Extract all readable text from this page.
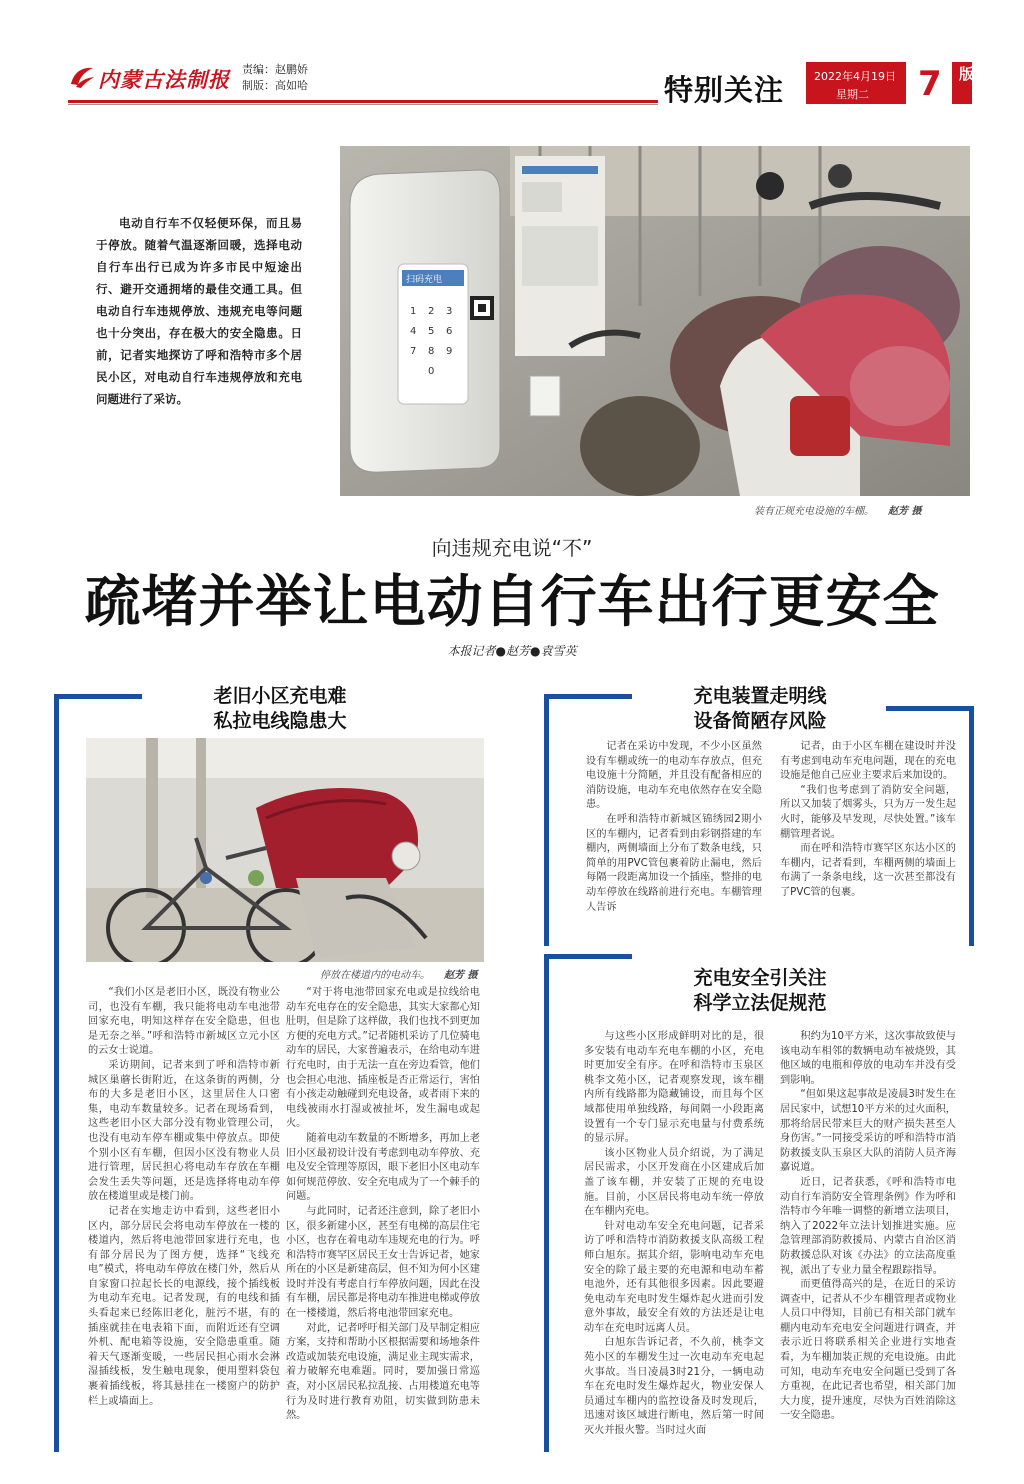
内蒙古法制报 责编：赵鹏娇
制版：高如哈	特别关注	2022年4月19日
星期二 7 版
电动自行车不仅轻便环保，而且易于停放。随着气温逐渐回暖，选择电动自行车出行已成为许多市民中短途出行、避开交通拥堵的最佳交通工具。但电动自行车违规停放、违规充电等问题也十分突出，存在极大的安全隐患。日前，记者实地探访了呼和浩特市多个居民小区，对电动自行车违规停放和充电问题进行了采访。
扫码充电
1 2 3
4 5 6
7 8 9
0
装有正规充电设施的车棚。 赵芳 摄
向违规充电说“不”
疏堵并举让电动自行车出行更安全
本报记者●赵芳●袁雪英
老旧小区充电难
私拉电线隐患大
停放在楼道内的电动车。 赵芳 摄

“我们小区是老旧小区，既没有物业公司，也没有车棚，我只能将电动车电池带回家充电，明知这样存在安全隐患，但也是无奈之举。”呼和浩特市新城区立元小区的云女士说道。

采访期间，记者来到了呼和浩特市新城区巢蘑长街附近，在这条街的两侧，分布的大多是老旧小区，这里居住人口密集，电动车数量较多。记者在现场看到，这些老旧小区大部分没有物业管理公司，也没有电动车停车棚或集中停放点。即使个别小区有车棚，但因小区没有物业人员进行管理，居民担心将电动车存放在车棚会发生丢失等问题，还是选择将电动车停放在楼道里或是楼门前。

记者在实地走访中看到，这些老旧小区内，部分居民会将电动车停放在一楼的楼道内，然后将电池带回家进行充电，也有部分居民为了图方便，选择“飞线充电”模式，将电动车停放在楼门外，然后从自家窗口拉起长长的电源线，接个插线板为电动车充电。记者发现，有的电线和插头看起来已经陈旧老化，脏污不堪，有的插座就挂在电表箱下面，而附近还有空调外机、配电箱等设施，安全隐患重重。随着天气逐渐变暖，一些居民担心雨水会淋湿插线板，发生触电现象，便用塑料袋包裹着插线板，将其悬挂在一楼窗户的防护栏上或墙面上。

“对于将电池带回家充电或是拉线给电动车充电存在的安全隐患，其实大家都心知肚明，但是除了这样做，我们也找不到更加方便的充电方式。”记者随机采访了几位骑电动车的居民，大家普遍表示，在给电动车进行充电时，由于无法一直在旁边看管，他们也会担心电池、插座板是否正常运行，害怕有小孩走动触碰到充电设备，或者雨下来的电线被雨水打湿或被扯坏，发生漏电或起火。

随着电动车数量的不断增多，再加上老旧小区最初设计没有考虑到电动车停放、充电及安全管理等原因，眼下老旧小区电动车如何规范停放、安全充电成为了一个棘手的问题。

与此同时，记者还注意到，除了老旧小区，很多新建小区，甚至有电梯的高层住宅小区，也存在着电动车违规充电的行为。呼和浩特市赛罕区居民王女士告诉记者，她家所在的小区是新建高层，但不知为何小区建设时并没有考虑自行车停放问题，因此在没有车棚，居民都是将电动车推进电梯或停放在一楼楼道，然后将电池带回家充电。

对此，记者呼吁相关部门及早制定相应方案，支持和帮助小区根据需要和场地条件改造或加装充电设施，满足业主现实需求，着力破解充电难题。同时，要加强日常巡查，对小区居民私拉乱接、占用楼道充电等行为及时进行教育劝阻，切实做到防患未然。

充电装置走明线
设备简陋存风险

记者在采访中发现，不少小区虽然设有车棚或统一的电动车存放点，但充电设施十分简陋，并且没有配备相应的消防设施，电动车充电依然存在安全隐患。

在呼和浩特市新城区锦绣园2期小区的车棚内，记者看到由彩钢搭建的车棚内，两侧墙面上分布了数条电线，只简单的用PVC管包裹着防止漏电，然后每隔一段距离加设一个插座，整排的电动车停放在线路前进行充电。车棚管理人告诉

记者，由于小区车棚在建设时并没有考虑到电动车充电问题，现在的充电设施是他自己应业主要求后来加设的。

“我们也考虑到了消防安全问题，所以又加装了烟雾头，只为万一发生起火时，能够及早发现，尽快处置。”该车棚管理者说。

而在呼和浩特市赛罕区东达小区的车棚内，记者看到，车棚两侧的墙面上布满了一条条电线，这一次甚至都没有了PVC管的包裹。

充电安全引关注
科学立法促规范

与这些小区形成鲜明对比的是，很多安装有电动车充电车棚的小区，充电时更加安全有序。在呼和浩特市玉泉区桃李文苑小区，记者观察发现，该车棚内所有线路都为隐藏铺设，而且每个区域都使用单独线路，每间隔一小段距离设置有一个专门显示充电量与付费系统的显示屏。

该小区物业人员介绍说，为了满足居民需求，小区开发商在小区建成后加盖了该车棚，并安装了正规的充电设施。目前，小区居民将电动车统一停放在车棚内充电。

针对电动车安全充电问题，记者采访了呼和浩特市消防救援支队高级工程师白旭东。据其介绍，影响电动车充电安全的除了最主要的充电源和电动车蓄电池外，还有其他很多因素。因此要避免电动车充电时发生爆炸起火进而引发意外事故，最安全有效的方法还是让电动车在充电时远离人员。

白旭东告诉记者，不久前，桃李文苑小区的车棚发生过一次电动车充电起火事故。当日凌晨3时21分，一辆电动车在充电时发生爆炸起火，物业安保人员通过车棚内的监控设备及时发现后，迅速对该区域进行断电，然后第一时间灭火并报火警。当时过火面

积约为10平方米，这次事故致使与该电动车相邻的数辆电动车被烧毁，其他区域的电瓶和停放的电动车并没有受到影响。

“但如果这起事故是凌晨3时发生在居民家中，试想10平方米的过火面积，那将给居民带来巨大的财产损失甚至人身伤害。”一同接受采访的呼和浩特市消防救援支队玉泉区大队的消防人员齐海嘉说道。

近日，记者获悉，《呼和浩特市电动自行车消防安全管理条例》作为呼和浩特市今年唯一调整的新增立法项目，纳入了2022年立法计划推进实施。应急管理部消防救援局、内蒙古自治区消防救援总队对该《办法》的立法高度重视，派出了专业力量全程跟踪指导。

而更值得高兴的是，在近日的采访调查中，记者从不少车棚管理者或物业人员口中得知，目前已有相关部门就车棚内电动车充电安全问题进行调查，并表示近日将联系相关企业进行实地查看，为车棚加装正规的充电设施。由此可知，电动车充电安全问题已受到了各方重视，在此记者也希望，相关部门加大力度，提升速度，尽快为百姓消除这一安全隐患。
